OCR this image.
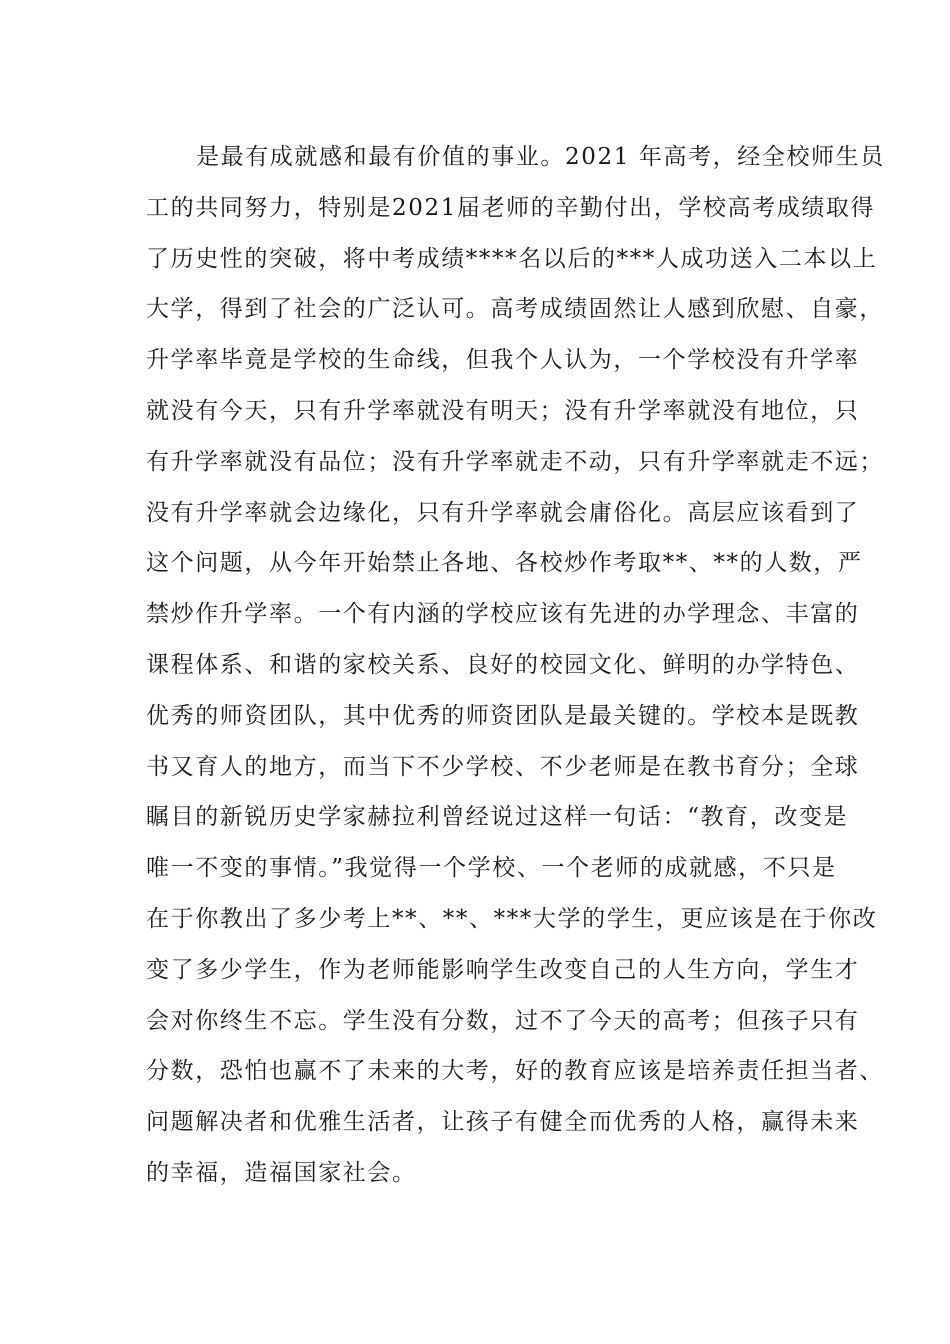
是最有成就感和最有价值的事业。2021 年高考，经全校师生员
工的共同努力，特别是2021届老师的辛勤付出，学校高考成绩取得
了历史性的突破，将中考成绩****名以后的***人成功送入二本以上
大学，得到了社会的广泛认可。高考成绩固然让人感到欣慰、自豪，
升学率毕竟是学校的生命线，但我个人认为，一个学校没有升学率
就没有今天，只有升学率就没有明天；没有升学率就没有地位，只
有升学率就没有品位；没有升学率就走不动，只有升学率就走不远；
没有升学率就会边缘化，只有升学率就会庸俗化。高层应该看到了
这个问题，从今年开始禁止各地、各校炒作考取**、**的人数，严
禁炒作升学率。一个有内涵的学校应该有先进的办学理念、丰富的
课程体系、和谐的家校关系、良好的校园文化、鲜明的办学特色、
优秀的师资团队，其中优秀的师资团队是最关键的。学校本是既教
书又育人的地方，而当下不少学校、不少老师是在教书育分；全球
瞩目的新锐历史学家赫拉利曾经说过这样一句话：“教育，改变是
唯一不变的事情。”我觉得一个学校、一个老师的成就感，不只是
在于你教出了多少考上**、**、***大学的学生，更应该是在于你改
变了多少学生，作为老师能影响学生改变自己的人生方向，学生才
会对你终生不忘。学生没有分数，过不了今天的高考；但孩子只有
分数，恐怕也赢不了未来的大考，好的教育应该是培养责任担当者、
问题解决者和优雅生活者，让孩子有健全而优秀的人格，赢得未来
的幸福，造福国家社会。
